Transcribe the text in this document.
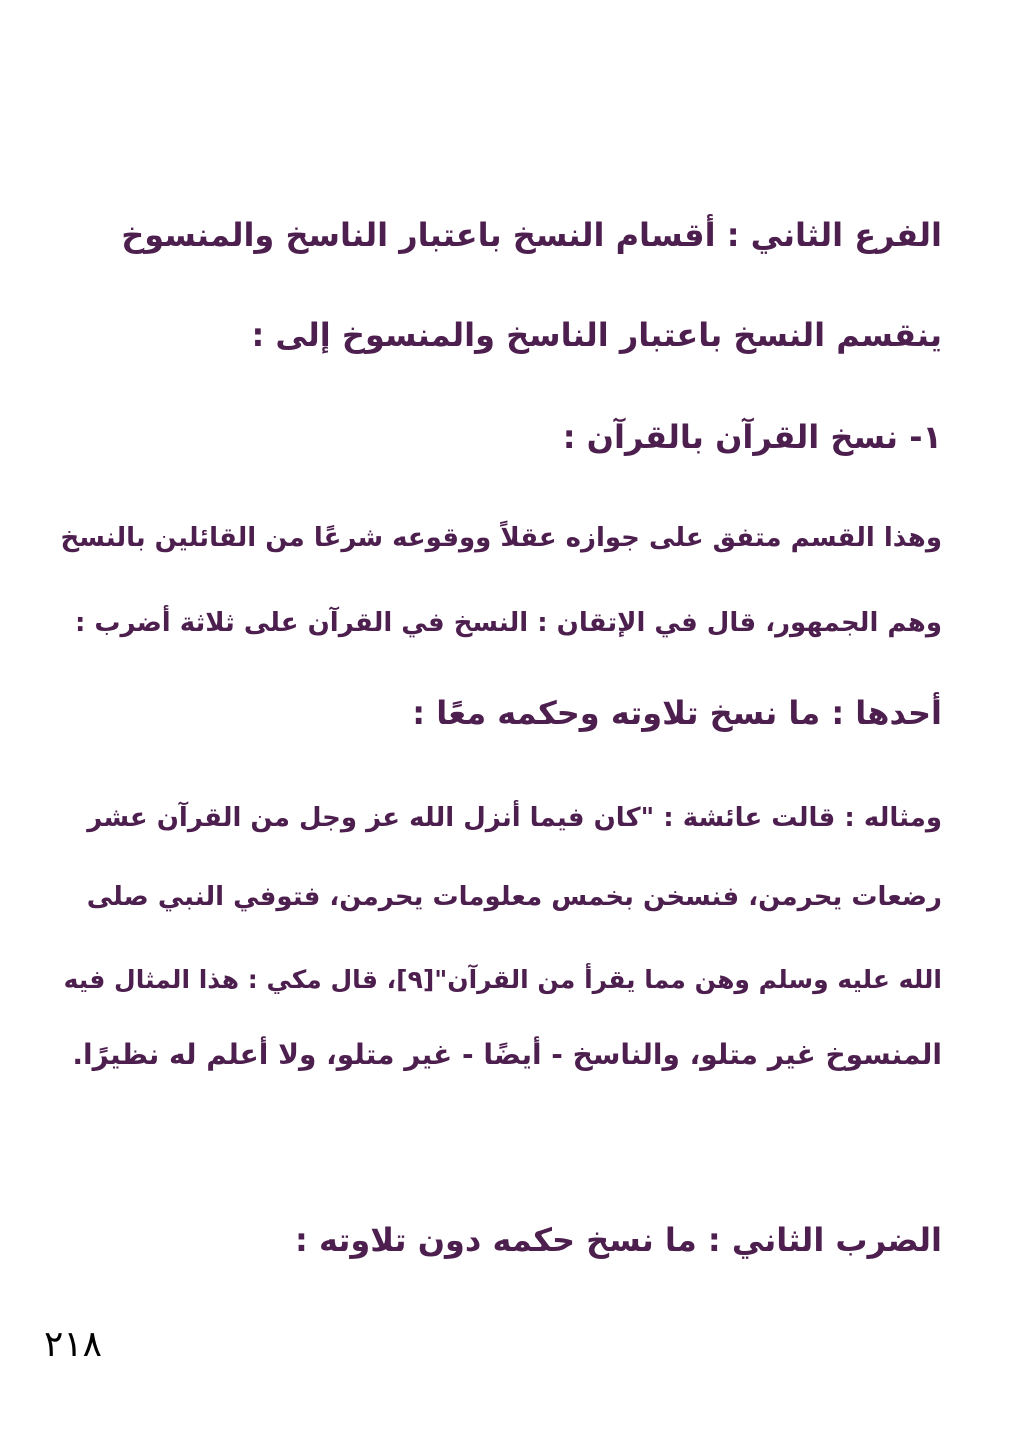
الفرع الثاني : أقسام النسخ باعتبار الناسخ والمنسوخ
ينقسم النسخ باعتبار الناسخ والمنسوخ إلى :
١- نسخ القرآن بالقرآن :
وهذا القسم متفق على جوازه عقلاً ووقوعه شرعًا من القائلين بالنسخ
وهم الجمهور، قال في الإتقان : النسخ في القرآن على ثلاثة أضرب :
أحدها : ما نسخ تلاوته وحكمه معًا :
ومثاله : قالت عائشة : "كان فيما أنزل الله عز وجل من القرآن عشر
رضعات يحرمن، فنسخن بخمس معلومات يحرمن، فتوفي النبي صلى
الله عليه وسلم وهن مما يقرأ من القرآن"[٩]، قال مكي : هذا المثال فيه
المنسوخ غير متلو، والناسخ - أيضًا - غير متلو، ولا أعلم له نظيرًا.
الضرب الثاني : ما نسخ حكمه دون تلاوته :
٢١٨
